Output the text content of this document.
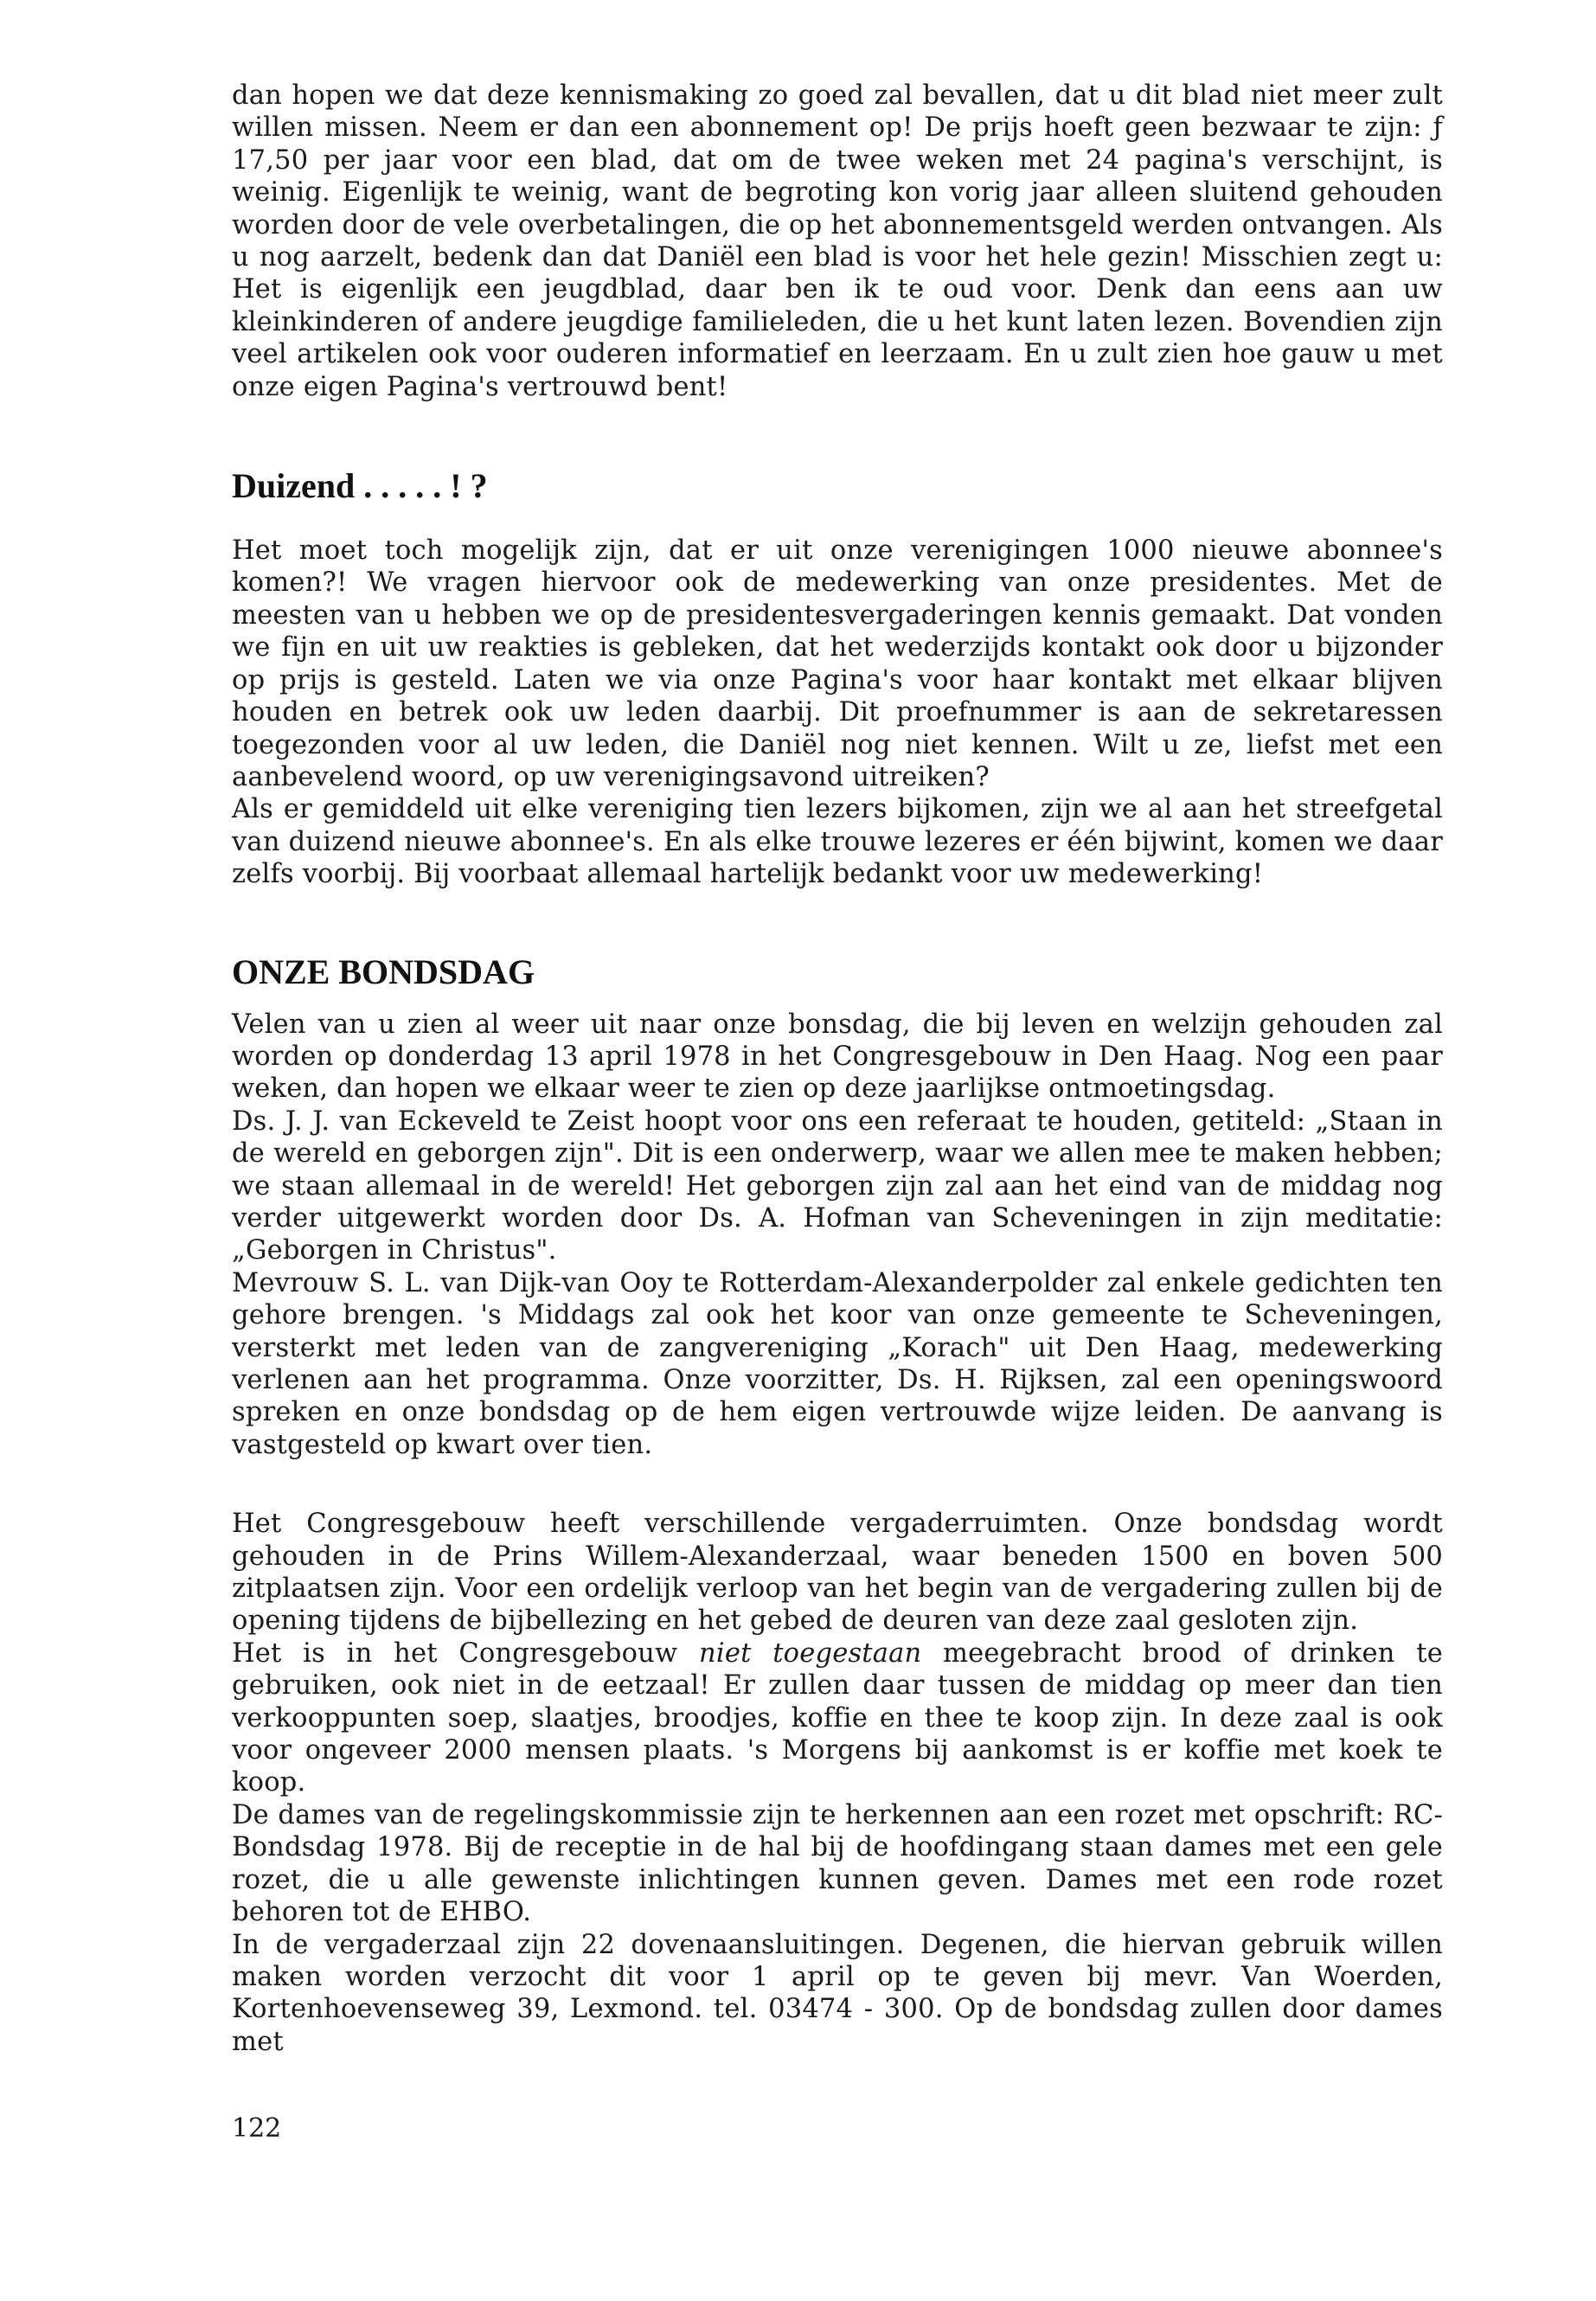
dan hopen we dat deze kennismaking zo goed zal bevallen, dat u dit blad niet meer zult willen missen. Neem er dan een abonnement op! De prijs hoeft geen bezwaar te zijn: ƒ 17,50 per jaar voor een blad, dat om de twee weken met 24 pagina's verschijnt, is weinig. Eigenlijk te weinig, want de begroting kon vorig jaar alleen sluitend gehouden worden door de vele overbetalingen, die op het abonnementsgeld werden ontvangen. Als u nog aarzelt, bedenk dan dat Daniël een blad is voor het hele gezin! Misschien zegt u: Het is eigenlijk een jeugdblad, daar ben ik te oud voor. Denk dan eens aan uw kleinkinderen of andere jeugdige familieleden, die u het kunt laten lezen. Bovendien zijn veel artikelen ook voor ouderen informatief en leerzaam. En u zult zien hoe gauw u met onze eigen Pagina's vertrouwd bent!

Duizend . . . . . ! ?

Het moet toch mogelijk zijn, dat er uit onze verenigingen 1000 nieuwe abonnee's komen?! We vragen hiervoor ook de medewerking van onze presidentes. Met de meesten van u hebben we op de presidentesvergaderingen kennis gemaakt. Dat vonden we fijn en uit uw reakties is gebleken, dat het wederzijds kontakt ook door u bijzonder op prijs is gesteld. Laten we via onze Pagina's voor haar kontakt met elkaar blijven houden en betrek ook uw leden daarbij. Dit proefnummer is aan de sekretaressen toegezonden voor al uw leden, die Daniël nog niet kennen. Wilt u ze, liefst met een aanbevelend woord, op uw verenigingsavond uitreiken?

Als er gemiddeld uit elke vereniging tien lezers bijkomen, zijn we al aan het streefgetal van duizend nieuwe abonnee's. En als elke trouwe lezeres er één bijwint, komen we daar zelfs voorbij. Bij voorbaat allemaal hartelijk bedankt voor uw medewerking!

ONZE BONDSDAG

Velen van u zien al weer uit naar onze bonsdag, die bij leven en welzijn gehouden zal worden op donderdag 13 april 1978 in het Congresgebouw in Den Haag. Nog een paar weken, dan hopen we elkaar weer te zien op deze jaarlijkse ontmoetingsdag.

Ds. J. J. van Eckeveld te Zeist hoopt voor ons een referaat te houden, getiteld: „Staan in de wereld en geborgen zijn". Dit is een onderwerp, waar we allen mee te maken hebben; we staan allemaal in de wereld! Het geborgen zijn zal aan het eind van de middag nog verder uitgewerkt worden door Ds. A. Hofman van Scheveningen in zijn meditatie: „Geborgen in Christus".

Mevrouw S. L. van Dijk-van Ooy te Rotterdam-Alexanderpolder zal enkele gedichten ten gehore brengen. 's Middags zal ook het koor van onze gemeente te Scheveningen, versterkt met leden van de zangvereniging „Korach" uit Den Haag, medewerking verlenen aan het programma. Onze voorzitter, Ds. H. Rijksen, zal een openingswoord spreken en onze bondsdag op de hem eigen vertrouwde wijze leiden. De aanvang is vastgesteld op kwart over tien.

Het Congresgebouw heeft verschillende vergaderruimten. Onze bondsdag wordt gehouden in de Prins Willem-Alexanderzaal, waar beneden 1500 en boven 500 zitplaatsen zijn. Voor een ordelijk verloop van het begin van de vergadering zullen bij de opening tijdens de bijbellezing en het gebed de deuren van deze zaal gesloten zijn.

Het is in het Congresgebouw niet toegestaan meegebracht brood of drinken te gebruiken, ook niet in de eetzaal! Er zullen daar tussen de middag op meer dan tien verkooppunten soep, slaatjes, broodjes, koffie en thee te koop zijn. In deze zaal is ook voor ongeveer 2000 mensen plaats. 's Morgens bij aankomst is er koffie met koek te koop.

De dames van de regelingskommissie zijn te herkennen aan een rozet met opschrift: RC-Bondsdag 1978. Bij de receptie in de hal bij de hoofdingang staan dames met een gele rozet, die u alle gewenste inlichtingen kunnen geven. Dames met een rode rozet behoren tot de EHBO.

In de vergaderzaal zijn 22 dovenaansluitingen. Degenen, die hiervan gebruik willen maken worden verzocht dit voor 1 april op te geven bij mevr. Van Woerden, Kortenhoevenseweg 39, Lexmond. tel. 03474 - 300. Op de bondsdag zullen door dames met

122
